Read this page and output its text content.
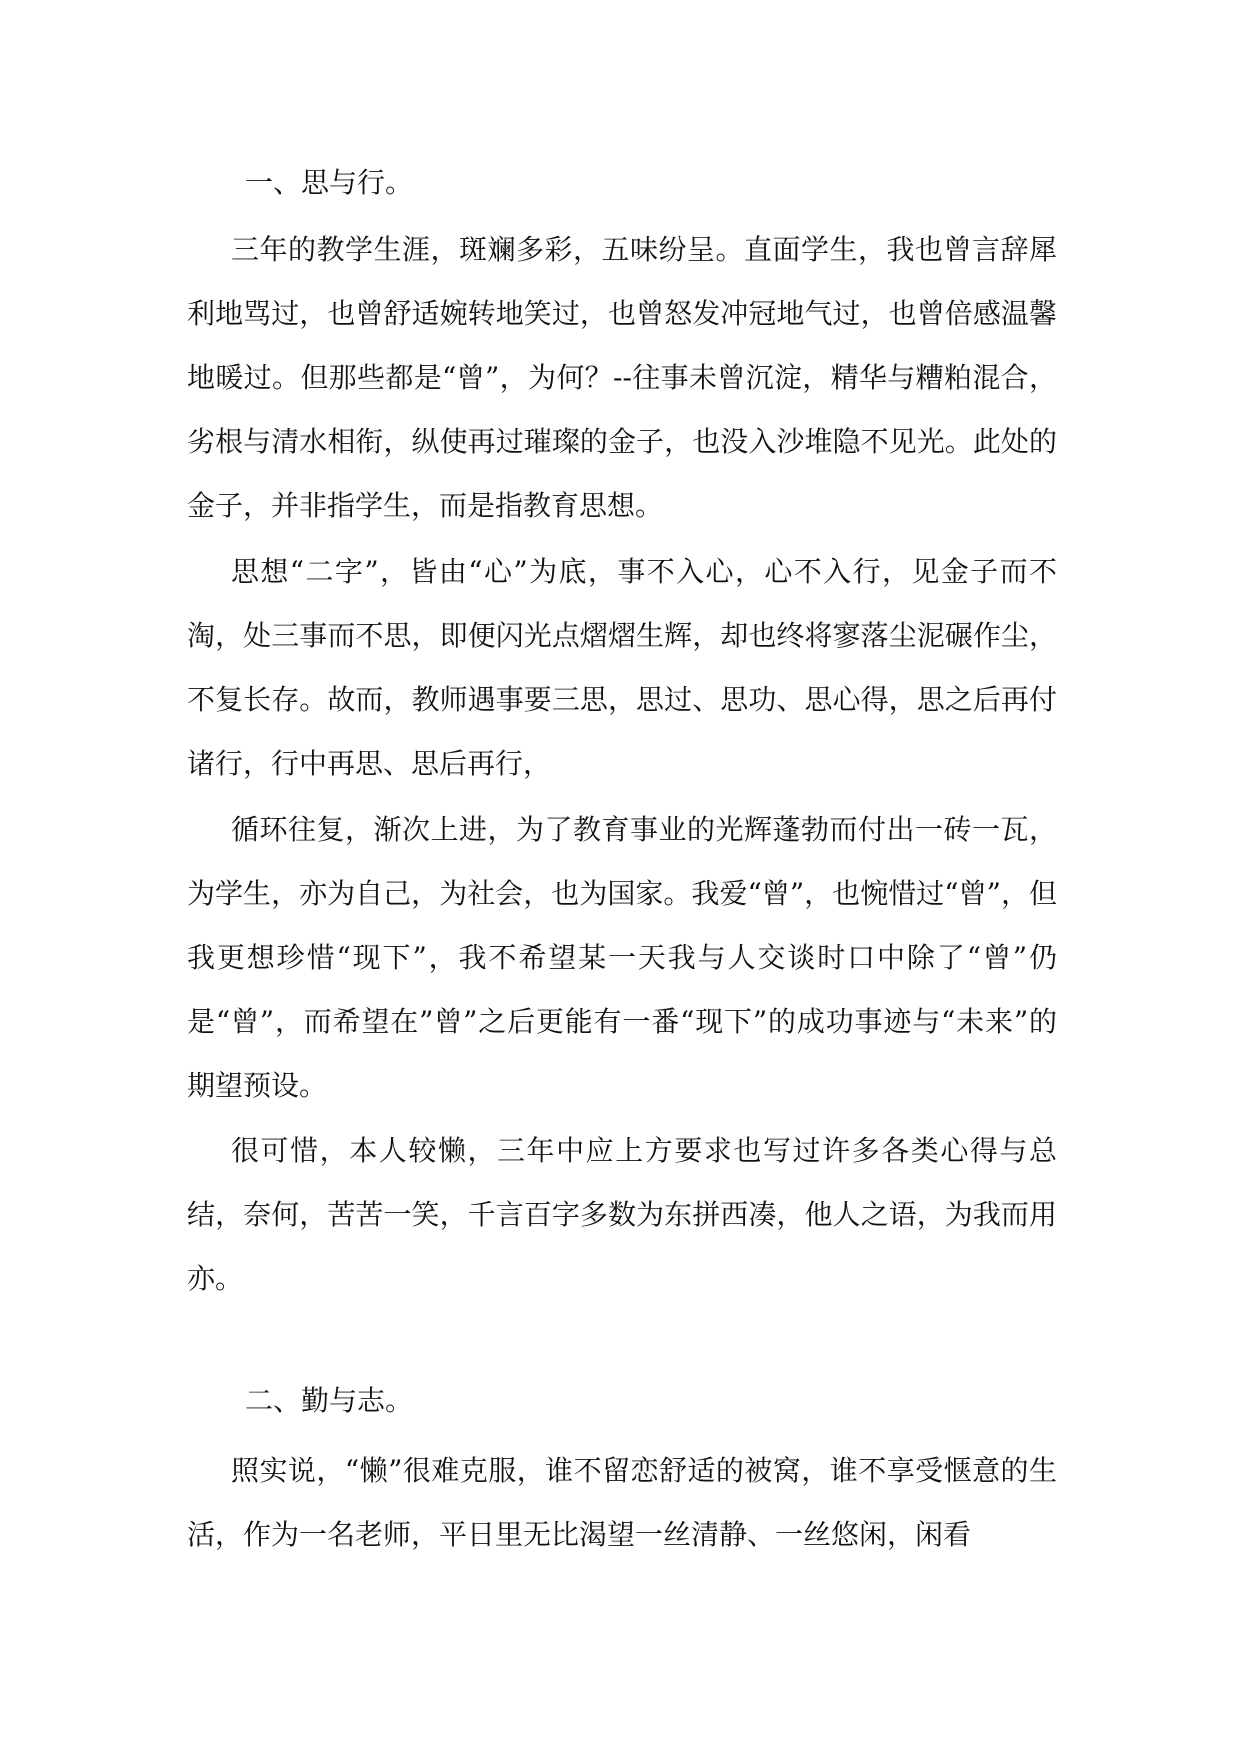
一、思与行。

三年的教学生涯，斑斓多彩，五味纷呈。直面学生，我也曾言辞犀利地骂过，也曾舒适婉转地笑过，也曾怒发冲冠地气过，也曾倍感温馨地暖过。但那些都是“曾”，为何？--往事未曾沉淀，精华与糟粕混合，劣根与清水相衔，纵使再过璀璨的金子，也没入沙堆隐不见光。此处的金子，并非指学生，而是指教育思想。

思想“二字”，皆由“心”为底，事不入心，心不入行，见金子而不淘，处三事而不思，即便闪光点熠熠生辉，却也终将寥落尘泥碾作尘，不复长存。故而，教师遇事要三思，思过、思功、思心得，思之后再付诸行，行中再思、思后再行，

循环往复，渐次上进，为了教育事业的光辉蓬勃而付出一砖一瓦，为学生，亦为自己，为社会，也为国家。我爱“曾”，也惋惜过“曾”，但我更想珍惜“现下”，我不希望某一天我与人交谈时口中除了“曾”仍是“曾”，而希望在”曾”之后更能有一番“现下”的成功事迹与“未来”的期望预设。

很可惜，本人较懒，三年中应上方要求也写过许多各类心得与总结，奈何，苦苦一笑，千言百字多数为东拼西凑，他人之语，为我而用亦。

二、勤与志。

照实说，“懒”很难克服，谁不留恋舒适的被窝，谁不享受惬意的生活，作为一名老师，平日里无比渴望一丝清静、一丝悠闲，闲看
